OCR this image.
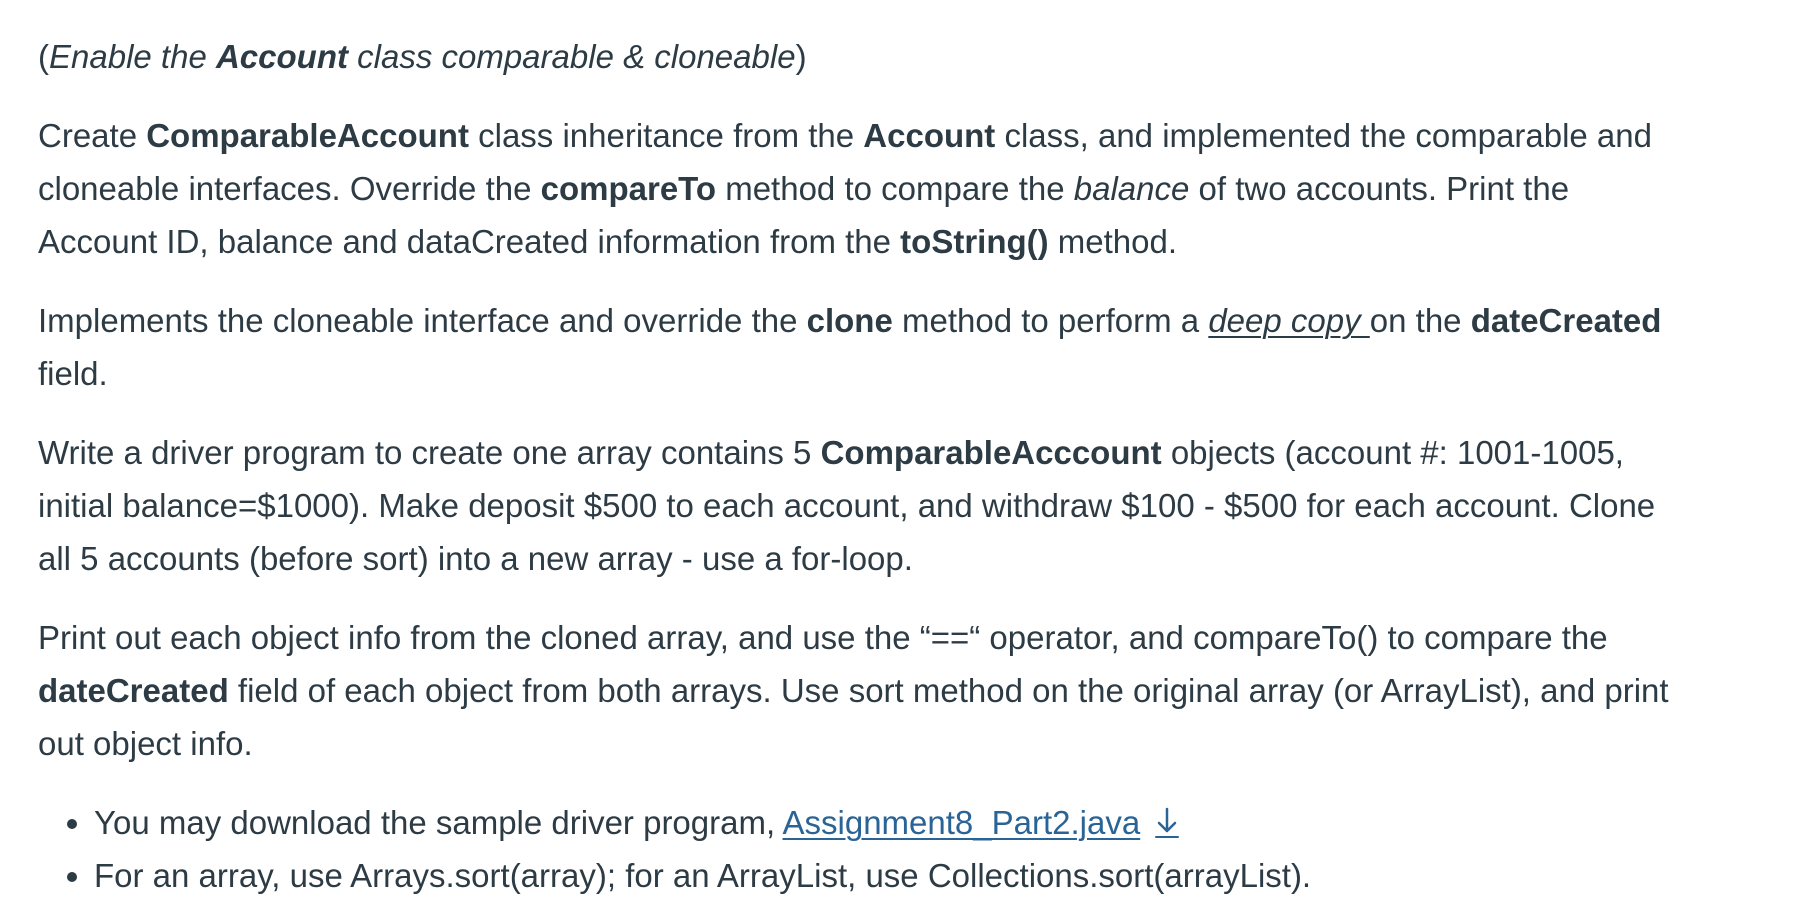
(Enable the Account class comparable & cloneable)

Create ComparableAccount class inheritance from the Account class, and implemented the comparable and cloneable interfaces. Override the compareTo method to compare the balance of two accounts. Print the Account ID, balance and dataCreated information from the toString() method.

Implements the cloneable interface and override the clone method to perform a deep copy on the dateCreated field.

Write a driver program to create one array contains 5 ComparableAcccount objects (account #: 1001-1005, initial balance=$1000). Make deposit $500 to each account, and withdraw $100 - $500 for each account. Clone all 5 accounts (before sort) into a new array - use a for-loop.

Print out each object info from the cloned array, and use the “==“ operator, and compareTo() to compare the dateCreated field of each object from both arrays. Use sort method on the original array (or ArrayList), and print out object info.

• You may download the sample driver program, Assignment8_Part2.java
• For an array, use Arrays.sort(array); for an ArrayList, use Collections.sort(arrayList).
